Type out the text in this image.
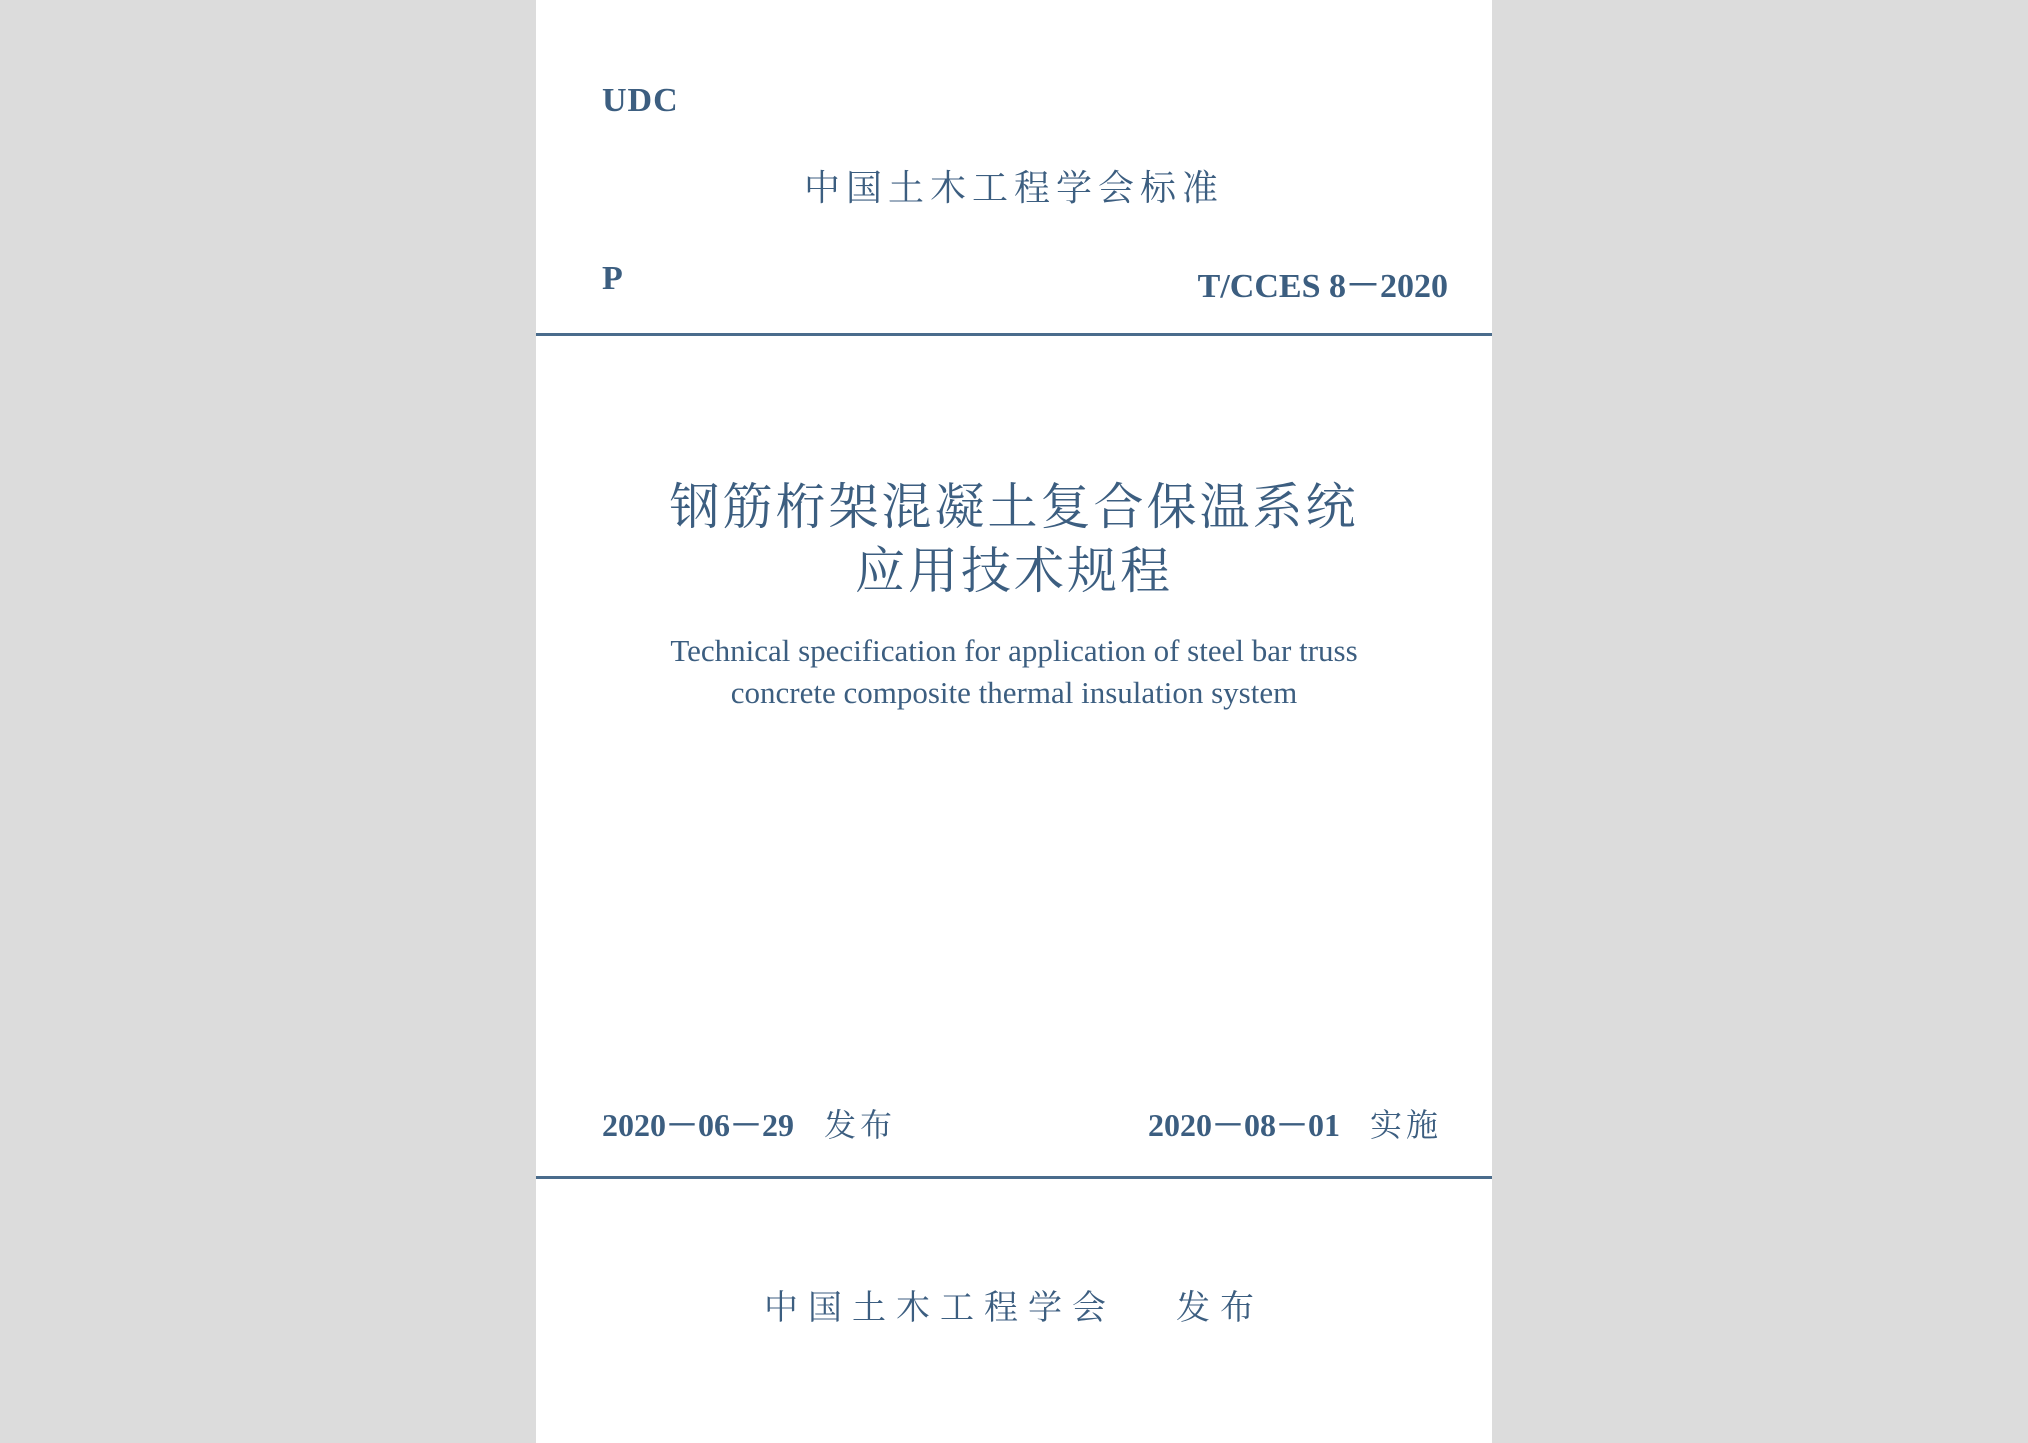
UDC
中国土木工程学会标准
P	T/CCES 8－2020
钢筋桁架混凝土复合保温系统
应用技术规程
Technical specification for application of steel bar truss
concrete composite thermal insulation system
2020－06－29 发布	2020－08－01 实施
中国土木工程学会 发布
